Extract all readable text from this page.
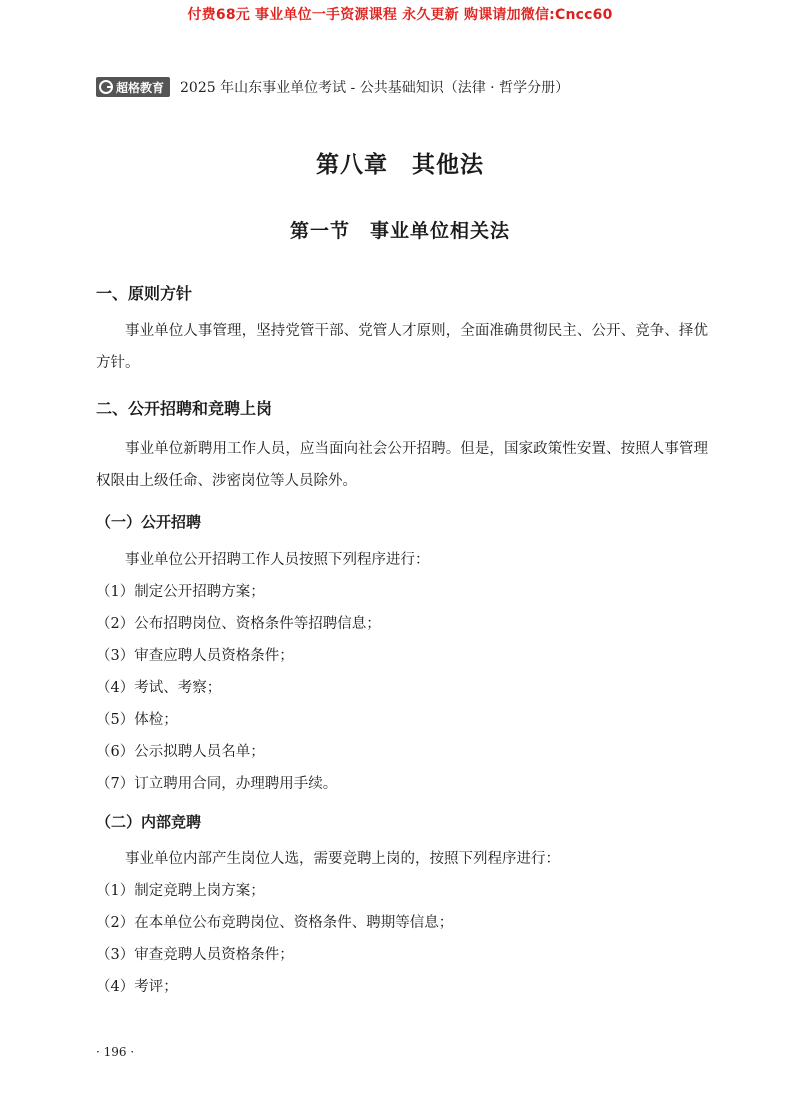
付费68元 事业单位一手资源课程 永久更新 购课请加微信:Cncc60
超格教育 2025 年山东事业单位考试 - 公共基础知识（法律 · 哲学分册）
第八章　其他法
第一节　事业单位相关法
一、原则方针
事业单位人事管理，坚持党管干部、党管人才原则，全面准确贯彻民主、公开、竞争、择优方针。
二、公开招聘和竞聘上岗
事业单位新聘用工作人员，应当面向社会公开招聘。但是，国家政策性安置、按照人事管理权限由上级任命、涉密岗位等人员除外。
（一）公开招聘
事业单位公开招聘工作人员按照下列程序进行：
（1）制定公开招聘方案；
（2）公布招聘岗位、资格条件等招聘信息；
（3）审查应聘人员资格条件；
（4）考试、考察；
（5）体检；
（6）公示拟聘人员名单；
（7）订立聘用合同，办理聘用手续。
（二）内部竞聘
事业单位内部产生岗位人选，需要竞聘上岗的，按照下列程序进行：
（1）制定竞聘上岗方案；
（2）在本单位公布竞聘岗位、资格条件、聘期等信息；
（3）审查竞聘人员资格条件；
（4）考评；
· 196 ·
